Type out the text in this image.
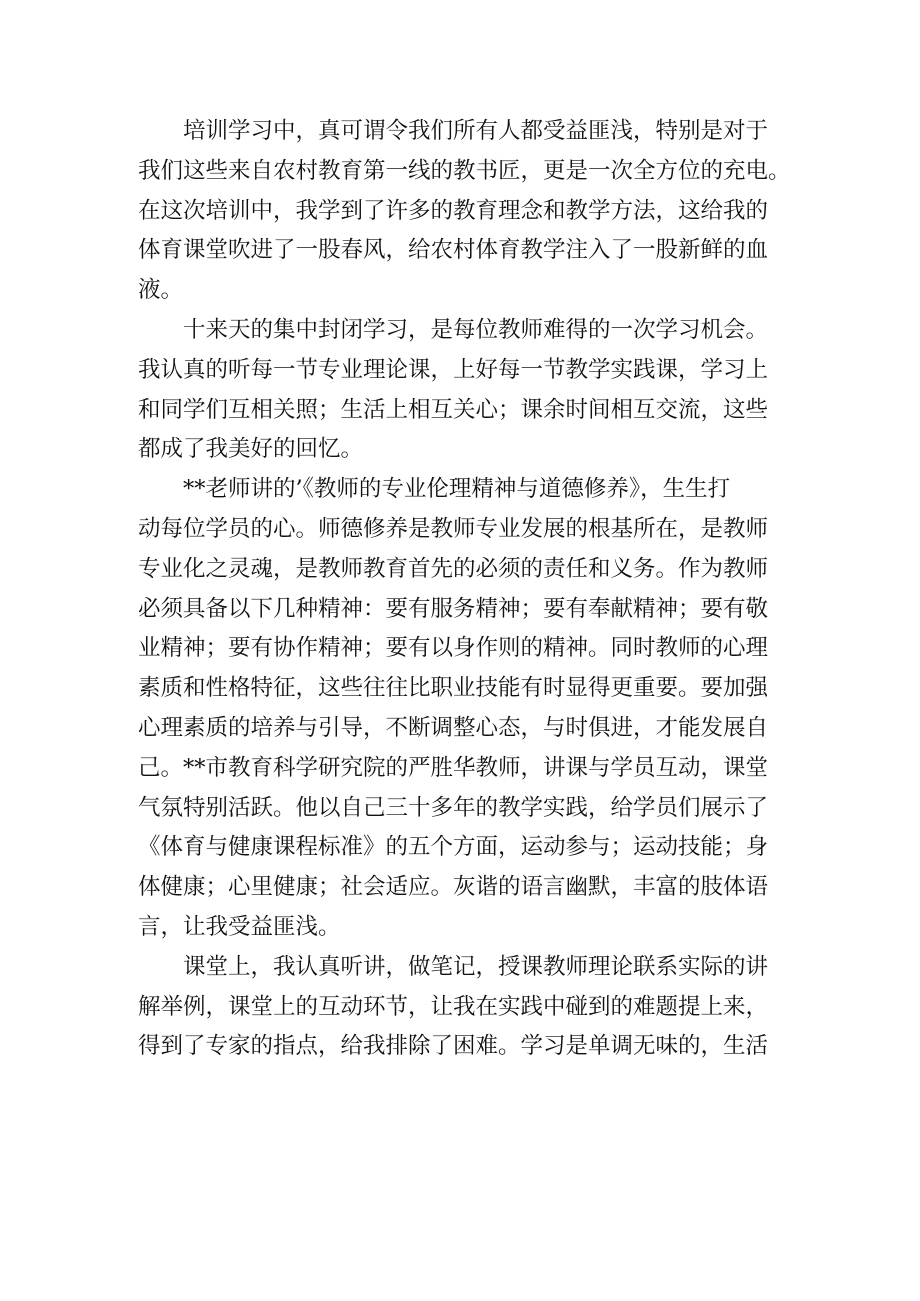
培训学习中，真可谓令我们所有人都受益匪浅，特别是对于
我们这些来自农村教育第一线的教书匠，更是一次全方位的充电。
在这次培训中，我学到了许多的教育理念和教学方法，这给我的
体育课堂吹进了一股春风，给农村体育教学注入了一股新鲜的血
液。
十来天的集中封闭学习，是每位教师难得的一次学习机会。
我认真的听每一节专业理论课，上好每一节教学实践课，学习上
和同学们互相关照；生活上相互关心；课余时间相互交流，这些
都成了我美好的回忆。
**老师讲的’《教师的专业伦理精神与道德修养》，生生打
动每位学员的心。师德修养是教师专业发展的根基所在，是教师
专业化之灵魂，是教师教育首先的必须的责任和义务。作为教师
必须具备以下几种精神：要有服务精神；要有奉献精神；要有敬
业精神；要有协作精神；要有以身作则的精神。同时教师的心理
素质和性格特征，这些往往比职业技能有时显得更重要。要加强
心理素质的培养与引导，不断调整心态，与时俱进，才能发展自
己。**市教育科学研究院的严胜华教师，讲课与学员互动，课堂
气氛特别活跃。他以自己三十多年的教学实践，给学员们展示了
《体育与健康课程标准》的五个方面，运动参与；运动技能；身
体健康；心里健康；社会适应。灰谐的语言幽默，丰富的肢体语
言，让我受益匪浅。
课堂上，我认真听讲，做笔记，授课教师理论联系实际的讲
解举例，课堂上的互动环节，让我在实践中碰到的难题提上来，
得到了专家的指点，给我排除了困难。学习是单调无味的，生活
